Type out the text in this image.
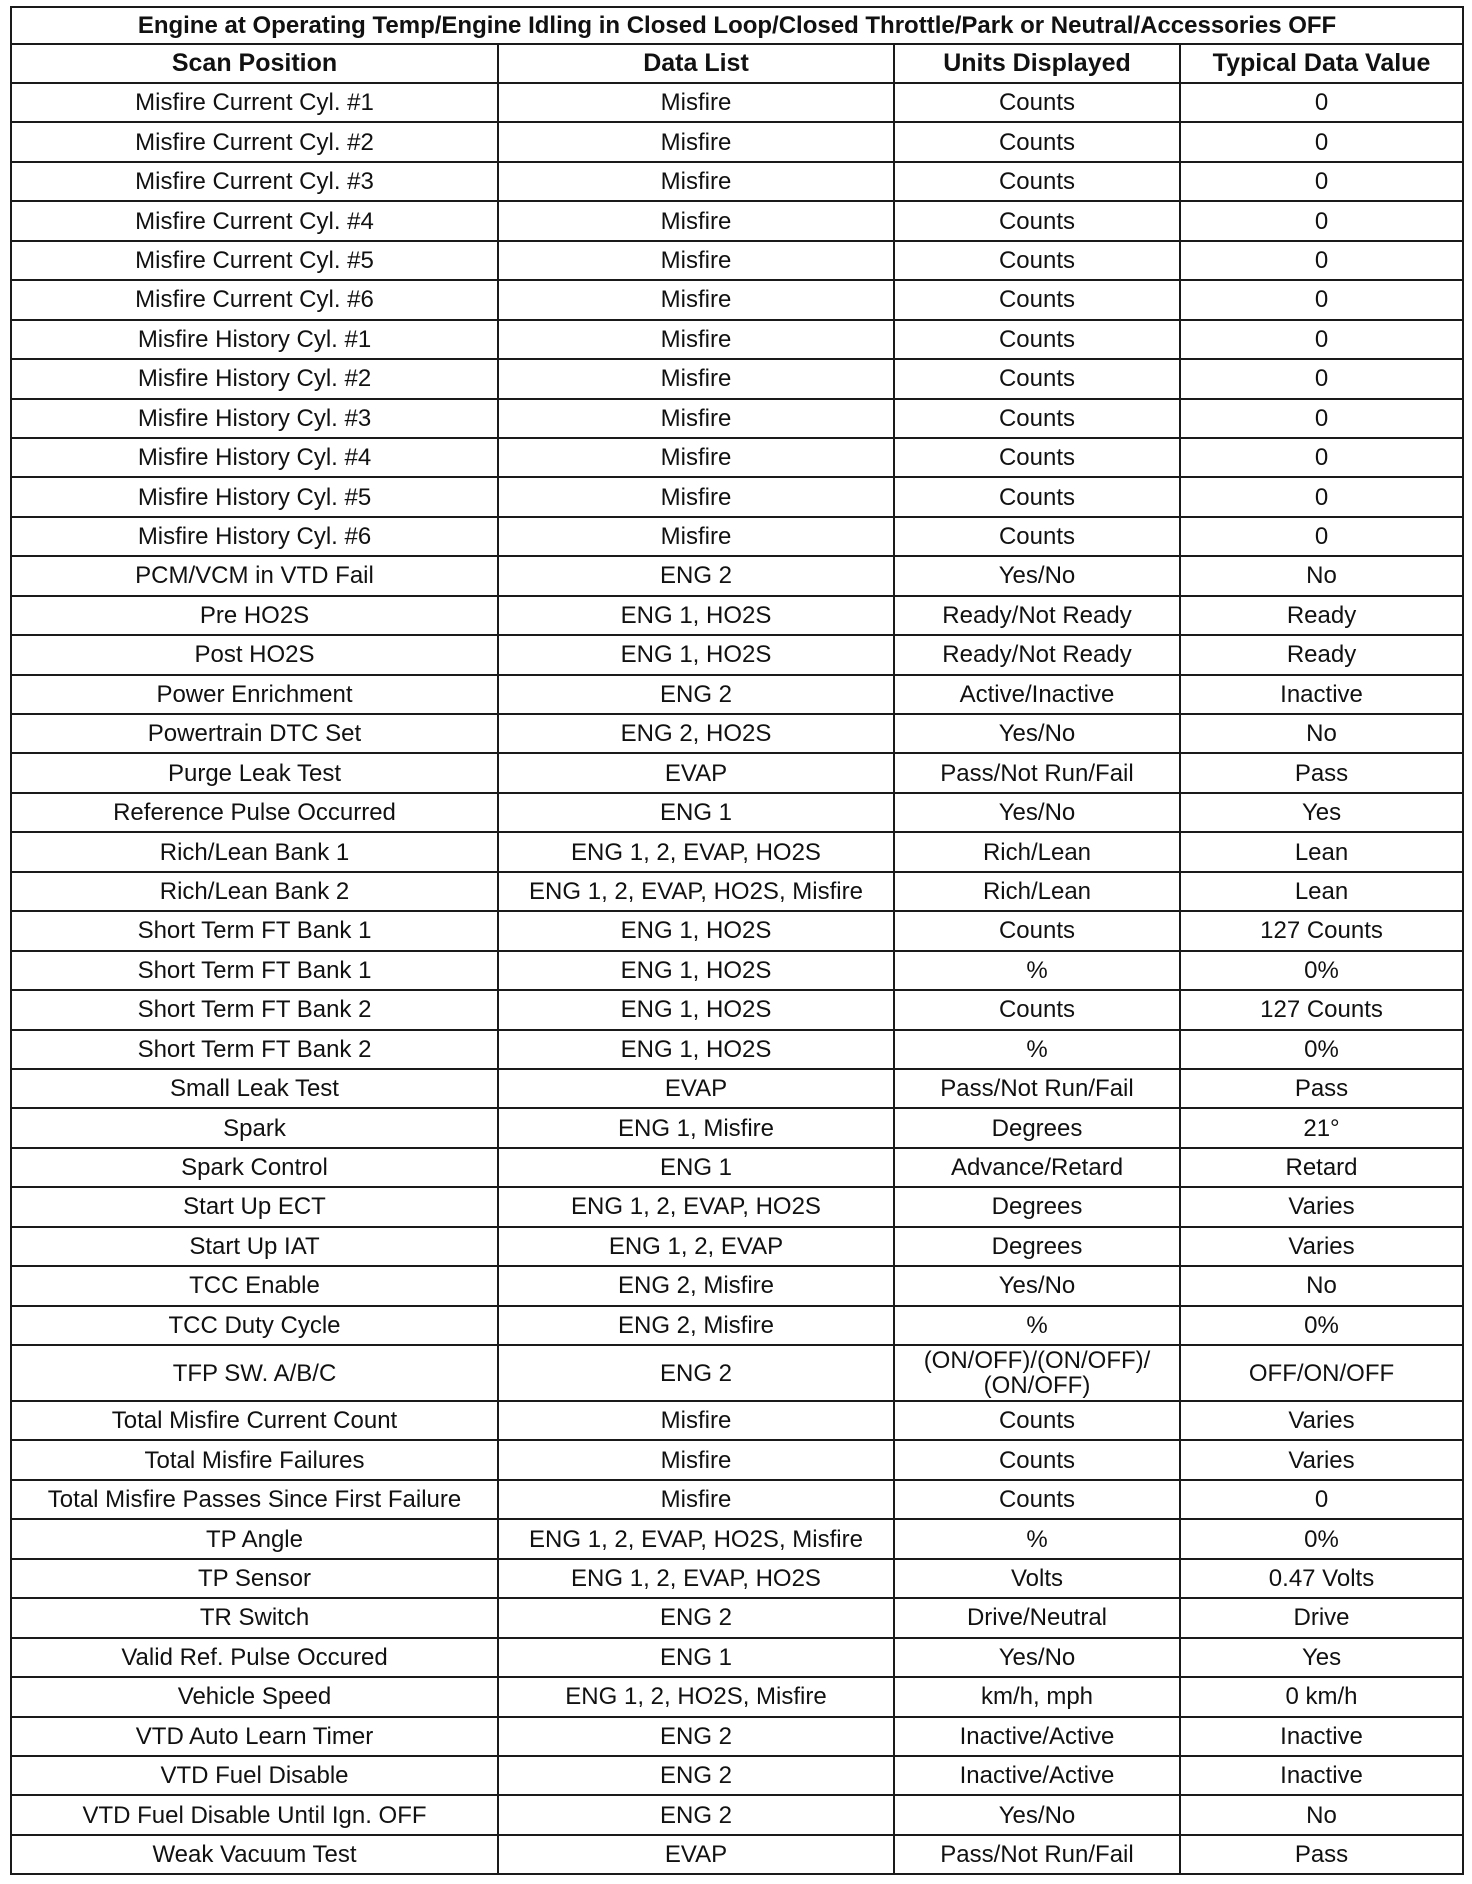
Engine at Operating Temp/Engine Idling in Closed Loop/Closed Throttle/Park or Neutral/Accessories OFF			
Scan Position	Data List	Units Displayed	Typical Data Value
Misfire Current Cyl. #1	Misfire	Counts	0
Misfire Current Cyl. #2	Misfire	Counts	0
Misfire Current Cyl. #3	Misfire	Counts	0
Misfire Current Cyl. #4	Misfire	Counts	0
Misfire Current Cyl. #5	Misfire	Counts	0
Misfire Current Cyl. #6	Misfire	Counts	0
Misfire History Cyl. #1	Misfire	Counts	0
Misfire History Cyl. #2	Misfire	Counts	0
Misfire History Cyl. #3	Misfire	Counts	0
Misfire History Cyl. #4	Misfire	Counts	0
Misfire History Cyl. #5	Misfire	Counts	0
Misfire History Cyl. #6	Misfire	Counts	0
PCM/VCM in VTD Fail	ENG 2	Yes/No	No
Pre HO2S	ENG 1, HO2S	Ready/Not Ready	Ready
Post HO2S	ENG 1, HO2S	Ready/Not Ready	Ready
Power Enrichment	ENG 2	Active/Inactive	Inactive
Powertrain DTC Set	ENG 2, HO2S	Yes/No	No
Purge Leak Test	EVAP	Pass/Not Run/Fail	Pass
Reference Pulse Occurred	ENG 1	Yes/No	Yes
Rich/Lean Bank 1	ENG 1, 2, EVAP, HO2S	Rich/Lean	Lean
Rich/Lean Bank 2	ENG 1, 2, EVAP, HO2S, Misfire	Rich/Lean	Lean
Short Term FT Bank 1	ENG 1, HO2S	Counts	127 Counts
Short Term FT Bank 1	ENG 1, HO2S	%	0%
Short Term FT Bank 2	ENG 1, HO2S	Counts	127 Counts
Short Term FT Bank 2	ENG 1, HO2S	%	0%
Small Leak Test	EVAP	Pass/Not Run/Fail	Pass
Spark	ENG 1, Misfire	Degrees	21°
Spark Control	ENG 1	Advance/Retard	Retard
Start Up ECT	ENG 1, 2, EVAP, HO2S	Degrees	Varies
Start Up IAT	ENG 1, 2, EVAP	Degrees	Varies
TCC Enable	ENG 2, Misfire	Yes/No	No
TCC Duty Cycle	ENG 2, Misfire	%	0%
TFP SW. A/B/C	ENG 2	(ON/OFF)/(ON/OFF)/ (ON/OFF)	OFF/ON/OFF
Total Misfire Current Count	Misfire	Counts	Varies
Total Misfire Failures	Misfire	Counts	Varies
Total Misfire Passes Since First Failure	Misfire	Counts	0
TP Angle	ENG 1, 2, EVAP, HO2S, Misfire	%	0%
TP Sensor	ENG 1, 2, EVAP, HO2S	Volts	0.47 Volts
TR Switch	ENG 2	Drive/Neutral	Drive
Valid Ref. Pulse Occured	ENG 1	Yes/No	Yes
Vehicle Speed	ENG 1, 2, HO2S, Misfire	km/h, mph	0 km/h
VTD Auto Learn Timer	ENG 2	Inactive/Active	Inactive
VTD Fuel Disable	ENG 2	Inactive/Active	Inactive
VTD Fuel Disable Until Ign. OFF	ENG 2	Yes/No	No
Weak Vacuum Test	EVAP	Pass/Not Run/Fail	Pass
